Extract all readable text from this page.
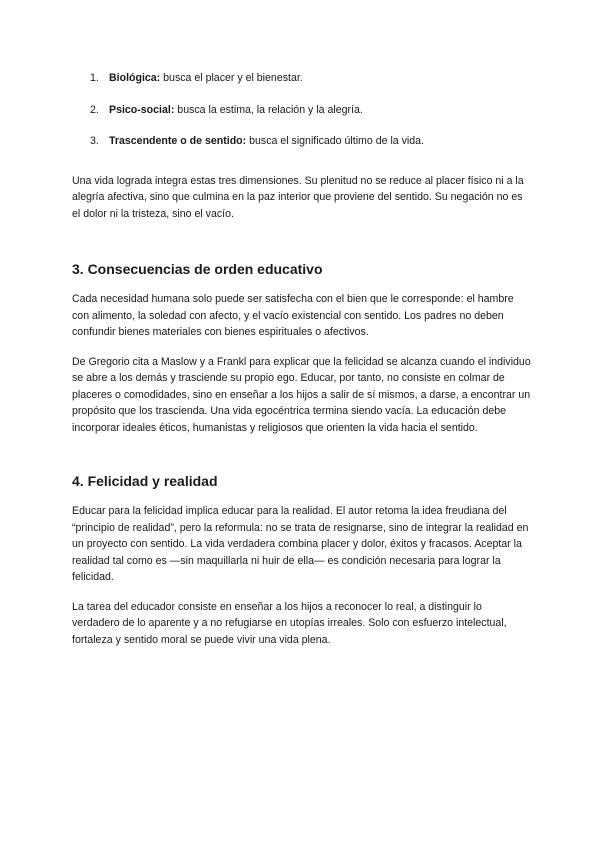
1. Biológica: busca el placer y el bienestar.
2. Psico-social: busca la estima, la relación y la alegría.
3. Trascendente o de sentido: busca el significado último de la vida.

Una vida lograda integra estas tres dimensiones. Su plenitud no se reduce al placer físico ni a la alegría afectiva, sino que culmina en la paz interior que proviene del sentido. Su negación no es el dolor ni la tristeza, sino el vacío.

3. Consecuencias de orden educativo

Cada necesidad humana solo puede ser satisfecha con el bien que le corresponde: el hambre con alimento, la soledad con afecto, y el vacío existencial con sentido. Los padres no deben confundir bienes materiales con bienes espirituales o afectivos.

De Gregorio cita a Maslow y a Frankl para explicar que la felicidad se alcanza cuando el individuo se abre a los demás y trasciende su propio ego. Educar, por tanto, no consiste en colmar de placeres o comodidades, sino en enseñar a los hijos a salir de sí mismos, a darse, a encontrar un propósito que los trascienda. Una vida egocéntrica termina siendo vacía. La educación debe incorporar ideales éticos, humanistas y religiosos que orienten la vida hacia el sentido.

4. Felicidad y realidad

Educar para la felicidad implica educar para la realidad. El autor retoma la idea freudiana del “principio de realidad”, pero la reformula: no se trata de resignarse, sino de integrar la realidad en un proyecto con sentido. La vida verdadera combina placer y dolor, éxitos y fracasos. Aceptar la realidad tal como es —sin maquillarla ni huir de ella— es condición necesaria para lograr la felicidad.

La tarea del educador consiste en enseñar a los hijos a reconocer lo real, a distinguir lo verdadero de lo aparente y a no refugiarse en utopías irreales. Solo con esfuerzo intelectual, fortaleza y sentido moral se puede vivir una vida plena.
